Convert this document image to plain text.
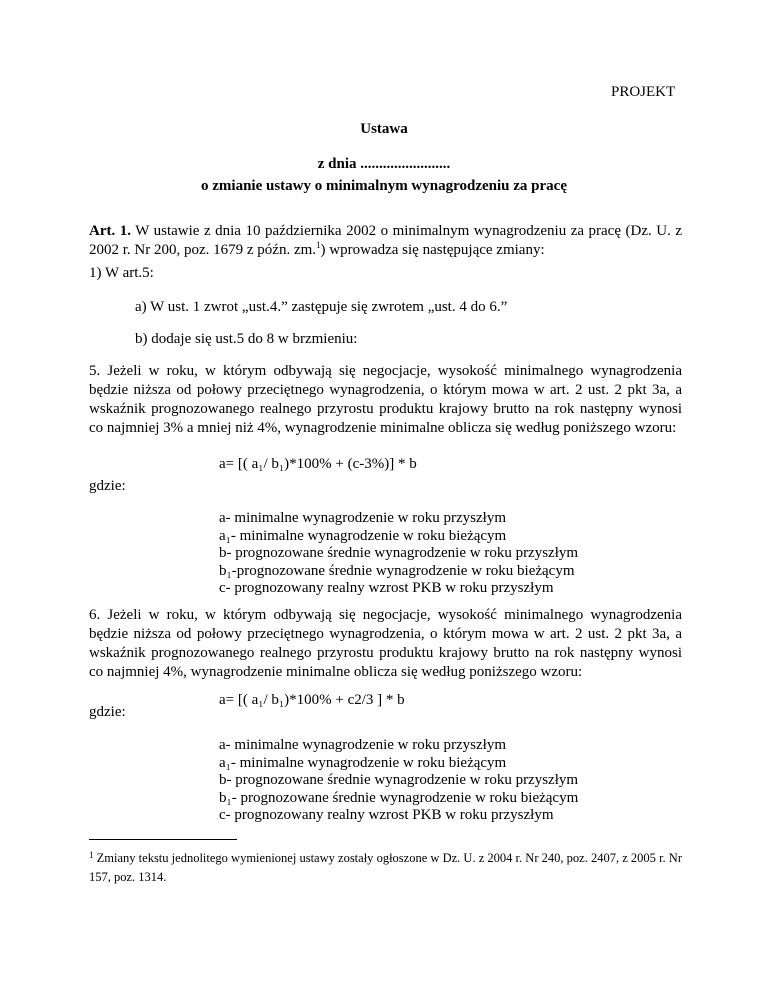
PROJEKT
Ustawa
z dnia ........................
o zmianie ustawy o minimalnym wynagrodzeniu za pracę
Art. 1. W ustawie z dnia 10 października 2002 o minimalnym wynagrodzeniu za pracę (Dz. U. z 2002 r. Nr 200, poz. 1679 z późn. zm.$^1$) wprowadza się następujące zmiany:
1) W art.5:
a) W ust. 1 zwrot „ust.4.” zastępuje się zwrotem „ust. 4 do 6.”
b) dodaje się ust.5 do 8 w brzmieniu:
5. Jeżeli w roku, w którym odbywają się negocjacje, wysokość minimalnego wynagrodzenia będzie niższa od połowy przeciętnego wynagrodzenia, o którym mowa w art. 2 ust. 2 pkt 3a, a wskaźnik prognozowanego realnego przyrostu produktu krajowy brutto na rok następny wynosi co najmniej 3% a mniej niż 4%, wynagrodzenie minimalne oblicza się według poniższego wzoru:
a= [( a₁/ b₁)*100% + (c-3%)] * b
gdzie:
a- minimalne wynagrodzenie w roku przyszłym
a₁- minimalne wynagrodzenie w roku bieżącym
b- prognozowane średnie wynagrodzenie w roku przyszłym
b₁-prognozowane średnie wynagrodzenie w roku bieżącym
c- prognozowany realny wzrost PKB w roku przyszłym
6. Jeżeli w roku, w którym odbywają się negocjacje, wysokość minimalnego wynagrodzenia będzie niższa od połowy przeciętnego wynagrodzenia, o którym mowa w art. 2 ust. 2 pkt 3a, a wskaźnik prognozowanego realnego przyrostu produktu krajowy brutto na rok następny wynosi co najmniej 4%, wynagrodzenie minimalne oblicza się według poniższego wzoru:
a= [( a₁/ b₁)*100% + c2/3 ] * b
gdzie:
a- minimalne wynagrodzenie w roku przyszłym
a₁- minimalne wynagrodzenie w roku bieżącym
b- prognozowane średnie wynagrodzenie w roku przyszłym
b₁- prognozowane średnie wynagrodzenie w roku bieżącym
c- prognozowany realny wzrost PKB w roku przyszłym
$^1$ Zmiany tekstu jednolitego wymienionej ustawy zostały ogłoszone w Dz. U. z 2004 r. Nr 240, poz. 2407, z 2005 r. Nr 157, poz. 1314.
